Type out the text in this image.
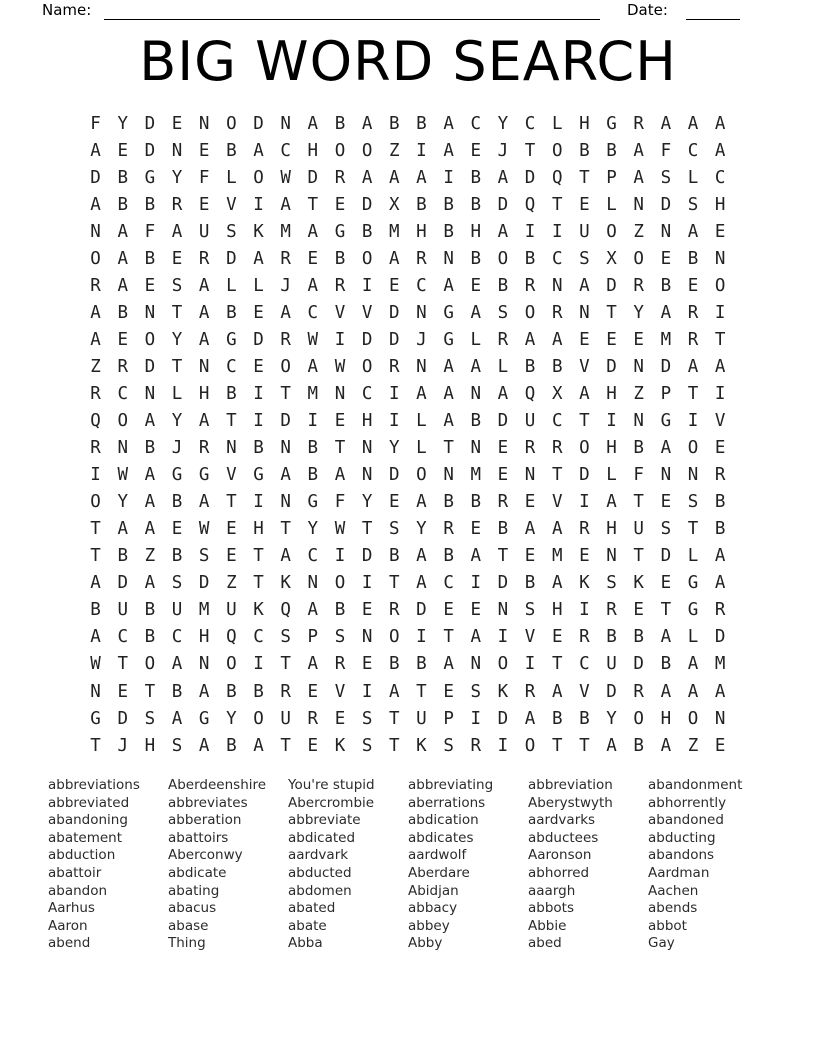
Name:	Date:
BIG WORD SEARCH
F Y D E N O D N A B A B B A C Y C L H G R A A A
A E D N E B A C H O O Z I A E J T O B B A F C A
D B G Y F L O W D R A A A I B A D Q T P A S L C
A B B R E V I A T E D X B B B D Q T E L N D S H
N A F A U S K M A G B M H B H A I I U O Z N A E
O A B E R D A R E B O A R N B O B C S X O E B N
R A E S A L L J A R I E C A E B R N A D R B E O
A B N T A B E A C V V D N G A S O R N T Y A R I
A E O Y A G D R W I D D J G L R A A E E E M R T
Z R D T N C E O A W O R N A A L B B V D N D A A
R C N L H B I T M N C I A A N A Q X A H Z P T I
Q O A Y A T I D I E H I L A B D U C T I N G I V
R N B J R N B N B T N Y L T N E R R O H B A O E
I W A G G V G A B A N D O N M E N T D L F N N R
O Y A B A T I N G F Y E A B B R E V I A T E S B
T A A E W E H T Y W T S Y R E B A A R H U S T B
T B Z B S E T A C I D B A B A T E M E N T D L A
A D A S D Z T K N O I T A C I D B A K S K E G A
B U B U M U K Q A B E R D E E N S H I R E T G R
A C B C H Q C S P S N O I T A I V E R B B A L D
W T O A N O I T A R E B B A N O I T C U D B A M
N E T B A B B R E V I A T E S K R A V D R A A A
G D S A G Y O U R E S T U P I D A B B Y O H O N
T J H S A B A T E K S T K S R I O T T A B A Z E
abbreviations
abbreviated
abandoning
abatement
abduction
abattoir
abandon
Aarhus
Aaron
abend
Aberdeenshire
abbreviates
abberation
abattoirs
Aberconwy
abdicate
abating
abacus
abase
Thing
You're stupid
Abercrombie
abbreviate
abdicated
aardvark
abducted
abdomen
abated
abate
Abba
abbreviating
aberrations
abdication
abdicates
aardwolf
Aberdare
Abidjan
abbacy
abbey
Abby
abbreviation
Aberystwyth
aardvarks
abductees
Aaronson
abhorred
aaargh
abbots
Abbie
abed
abandonment
abhorrently
abandoned
abducting
abandons
Aardman
Aachen
abends
abbot
Gay
